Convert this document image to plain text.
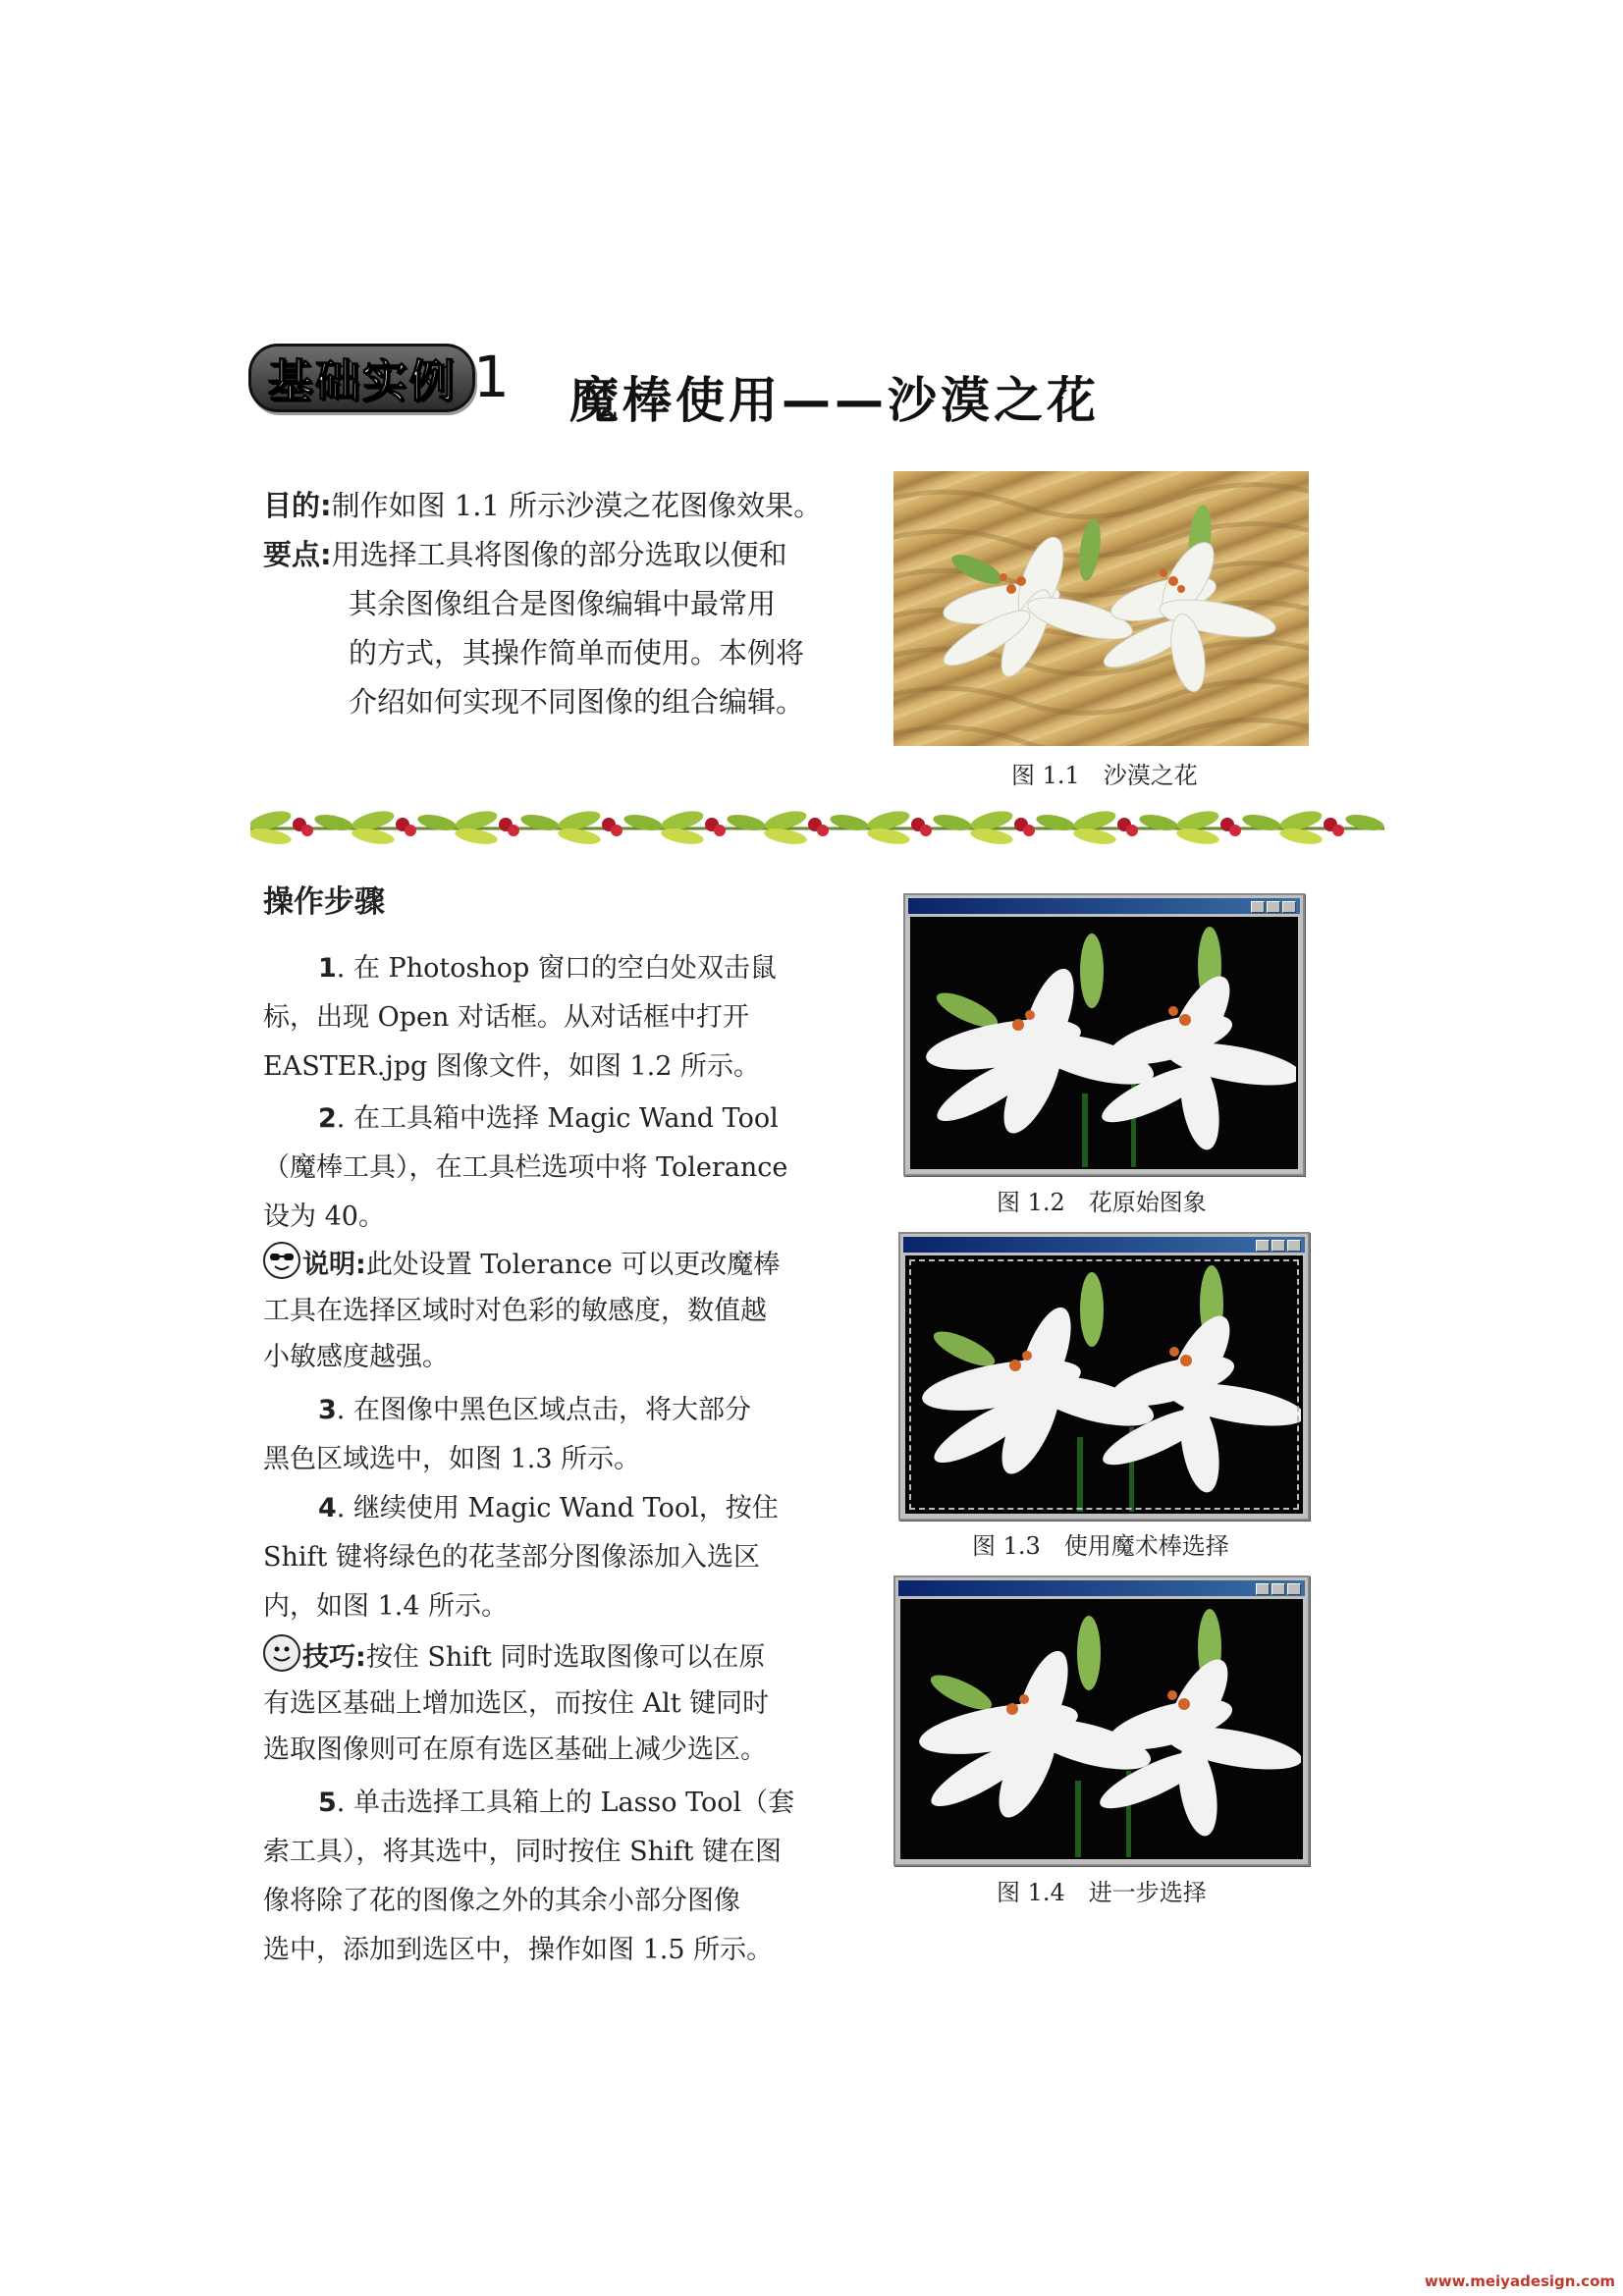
基础实例 1 魔棒使用——沙漠之花
目的:制作如图 1.1 所示沙漠之花图像效果。
要点:用选择工具将图像的部分选取以便和
其余图像组合是图像编辑中最常用
的方式，其操作简单而使用。本例将
介绍如何实现不同图像的组合编辑。
图 1.1　沙漠之花
操作步骤
1. 在 Photoshop 窗口的空白处双击鼠
标，出现 Open 对话框。从对话框中打开
EASTER.jpg 图像文件，如图 1.2 所示。
2. 在工具箱中选择 Magic Wand Tool
（魔棒工具），在工具栏选项中将 Tolerance
设为 40。
说明:此处设置 Tolerance 可以更改魔棒
工具在选择区域时对色彩的敏感度，数值越
小敏感度越强。
3. 在图像中黑色区域点击，将大部分
黑色区域选中，如图 1.3 所示。
4. 继续使用 Magic Wand Tool，按住
Shift 键将绿色的花茎部分图像添加入选区
内，如图 1.4 所示。
技巧:按住 Shift 同时选取图像可以在原
有选区基础上增加选区，而按住 Alt 键同时
选取图像则可在原有选区基础上减少选区。
5. 单击选择工具箱上的 Lasso Tool（套
索工具），将其选中，同时按住 Shift 键在图
像将除了花的图像之外的其余小部分图像
选中，添加到选区中，操作如图 1.5 所示。
图 1.2　花原始图象
图 1.3　使用魔术棒选择
图 1.4　进一步选择
www.meiyadesign.com
